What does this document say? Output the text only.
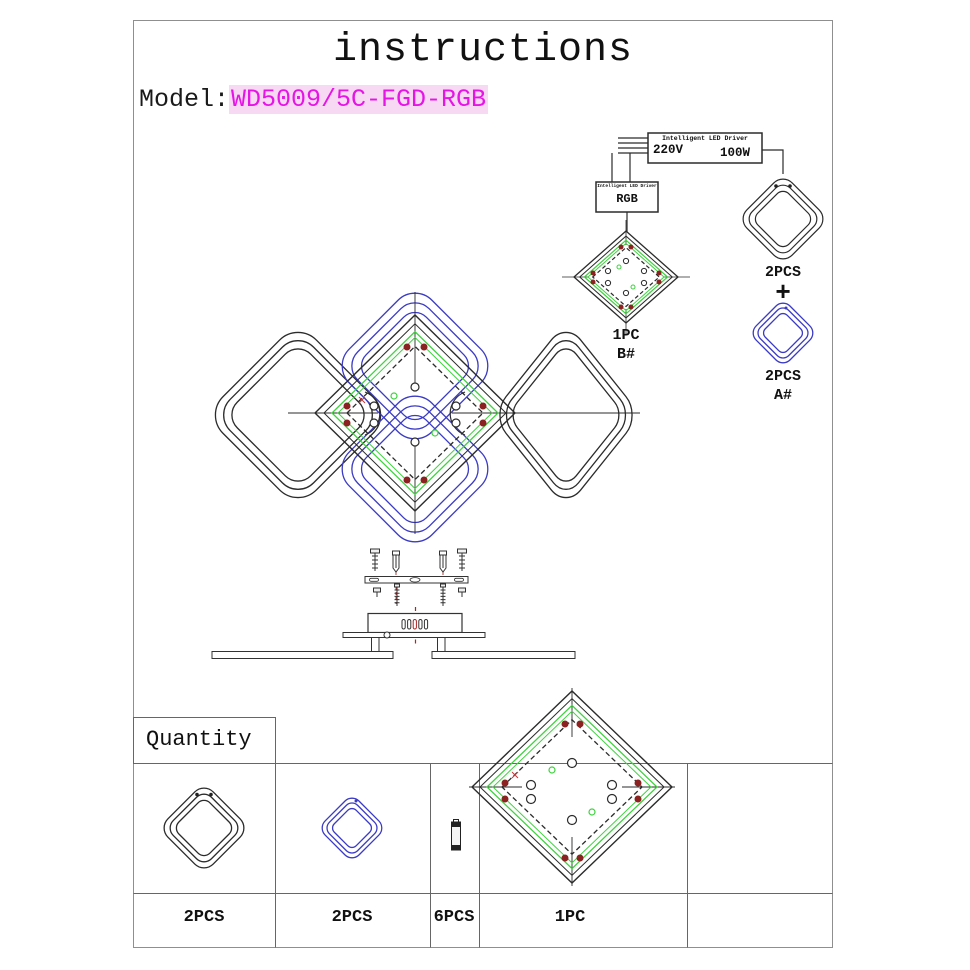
instructions
Model:WD5009/5C-FGD-RGB
Intelligent LED Driver
220V	100W
Intelligent LED Driver
RGB
1PC
B#
2PCS
+
2PCS
A#
Quantity
2PCS	2PCS	6PCS	1PC
